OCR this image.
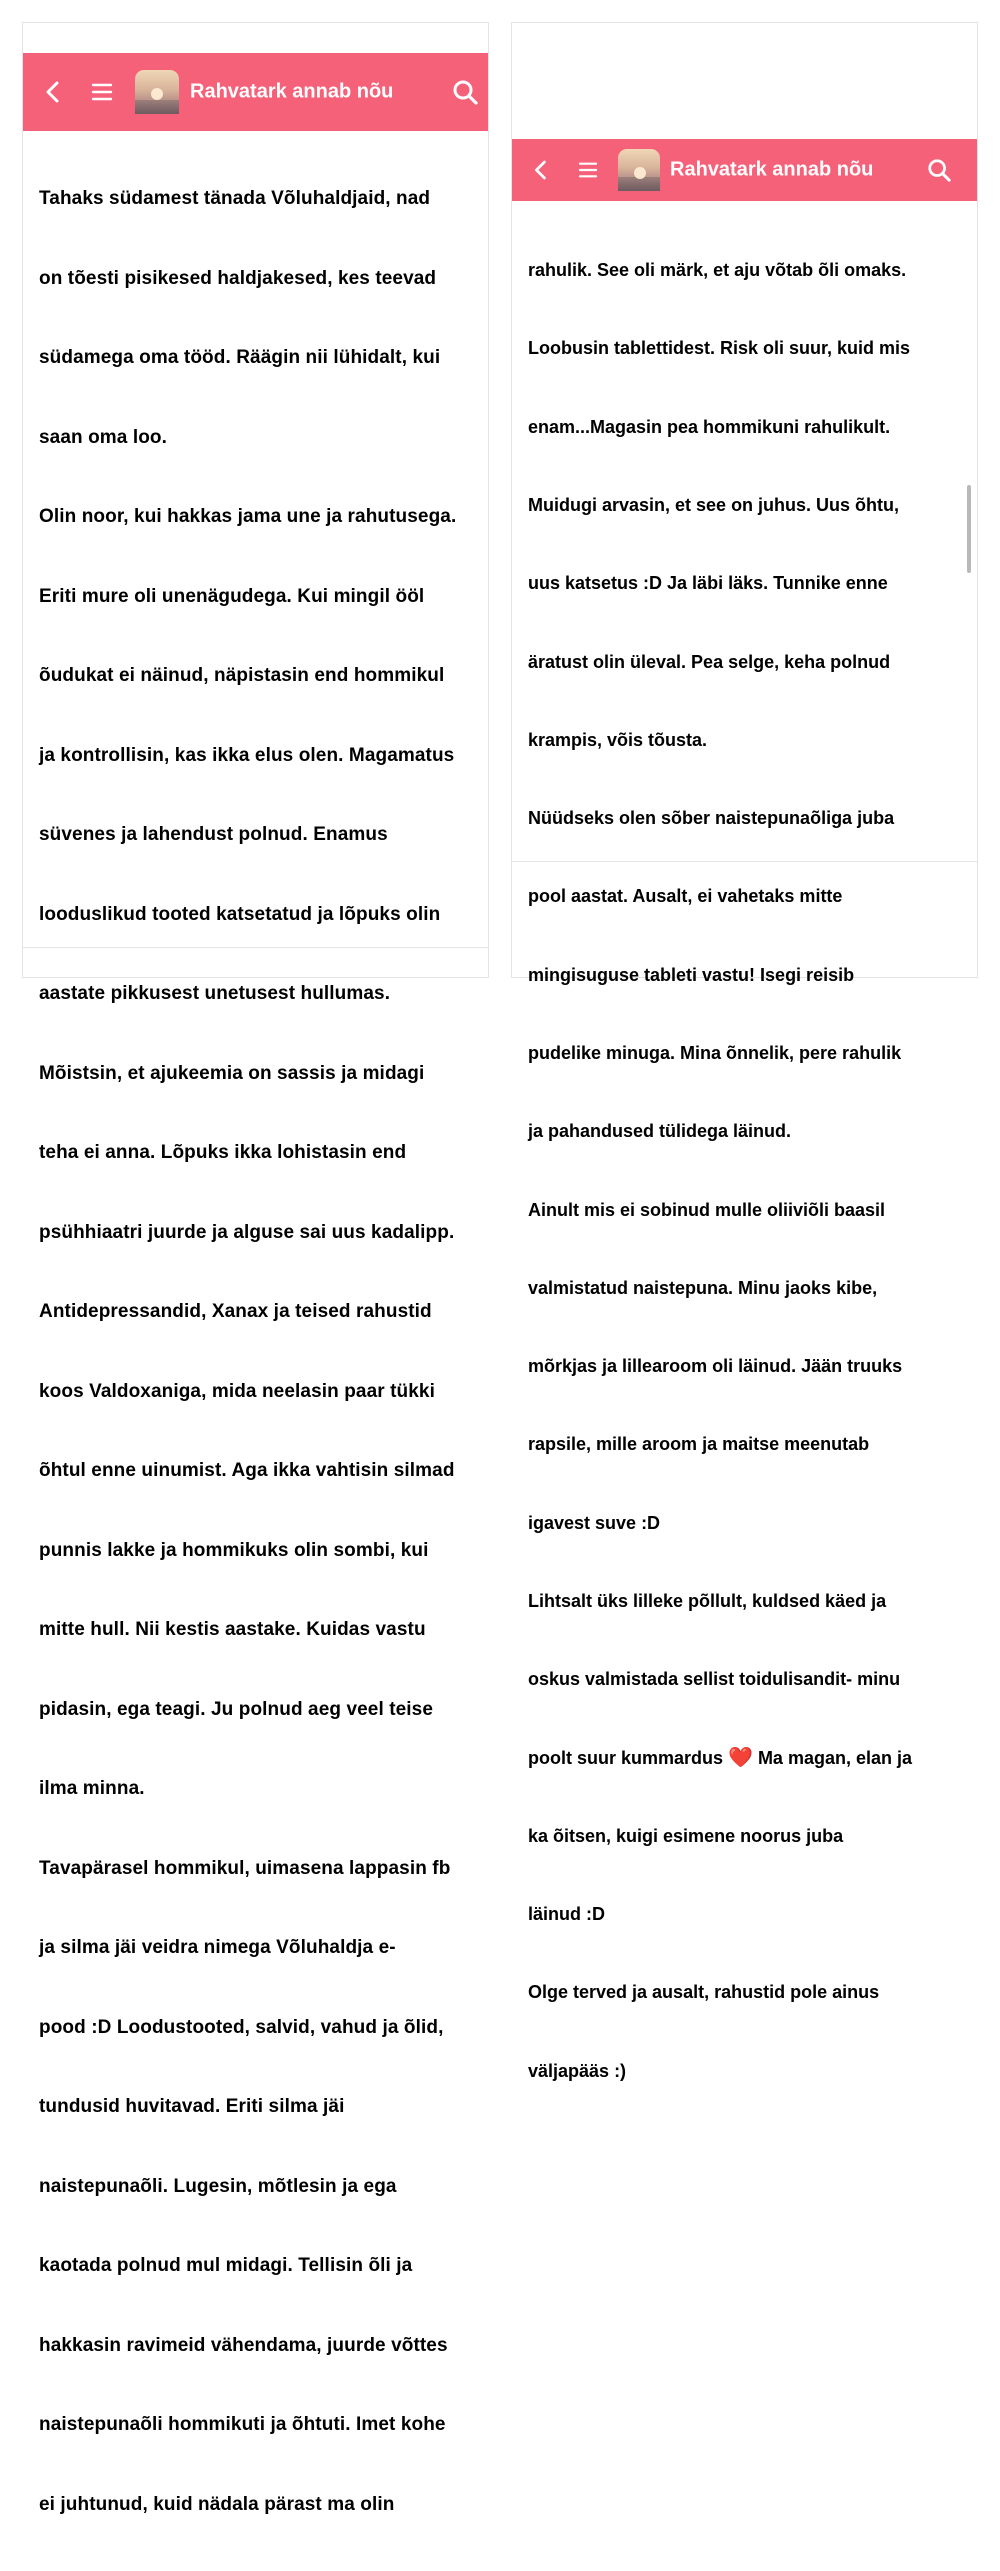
Rahvatark annab nõu

Tahaks südamest tänada Võluhaldjaid, nad

on tõesti pisikesed haldjakesed, kes teevad

südamega oma tööd. Räägin nii lühidalt, kui

saan oma loo.

Olin noor, kui hakkas jama une ja rahutusega.

Eriti mure oli unenägudega. Kui mingil ööl

õudukat ei näinud, näpistasin end hommikul

ja kontrollisin, kas ikka elus olen. Magamatus

süvenes ja lahendust polnud. Enamus

looduslikud tooted katsetatud ja lõpuks olin

aastate pikkusest unetusest hullumas.

Mõistsin, et ajukeemia on sassis ja midagi

teha ei anna. Lõpuks ikka lohistasin end

psühhiaatri juurde ja alguse sai uus kadalipp.

Antidepressandid, Xanax ja teised rahustid

koos Valdoxaniga, mida neelasin paar tükki

õhtul enne uinumist. Aga ikka vahtisin silmad

punnis lakke ja hommikuks olin sombi, kui

mitte hull. Nii kestis aastake. Kuidas vastu

pidasin, ega teagi. Ju polnud aeg veel teise

ilma minna.

Tavapärasel hommikul, uimasena lappasin fb

ja silma jäi veidra nimega Võluhaldja e-

pood :D Loodustooted, salvid, vahud ja õlid,

tundusid huvitavad. Eriti silma jäi

naistepunaõli. Lugesin, mõtlesin ja ega

kaotada polnud mul midagi. Tellisin õli ja

hakkasin ravimeid vähendama, juurde võttes

naistepunaõli hommikuti ja õhtuti. Imet kohe

ei juhtunud, kuid nädala pärast ma olin

Rahvatark annab nõu

rahulik. See oli märk, et aju võtab õli omaks.

Loobusin tablettidest. Risk oli suur, kuid mis

enam...Magasin pea hommikuni rahulikult.

Muidugi arvasin, et see on juhus. Uus õhtu,

uus katsetus :D Ja läbi läks. Tunnike enne

äratust olin üleval. Pea selge, keha polnud

krampis, võis tõusta.

Nüüdseks olen sõber naistepunaõliga juba

pool aastat. Ausalt, ei vahetaks mitte

mingisuguse tableti vastu! Isegi reisib

pudelike minuga. Mina õnnelik, pere rahulik

ja pahandused tülidega läinud.

Ainult mis ei sobinud mulle oliiviõli baasil

valmistatud naistepuna. Minu jaoks kibe,

mõrkjas ja lillearoom oli läinud. Jään truuks

rapsile, mille aroom ja maitse meenutab

igavest suve :D

Lihtsalt üks lilleke põllult, kuldsed käed ja

oskus valmistada sellist toidulisandit- minu

poolt suur kummardus ❤️ Ma magan, elan ja

ka õitsen, kuigi esimene noorus juba

läinud :D

Olge terved ja ausalt, rahustid pole ainus

väljapääs :)
